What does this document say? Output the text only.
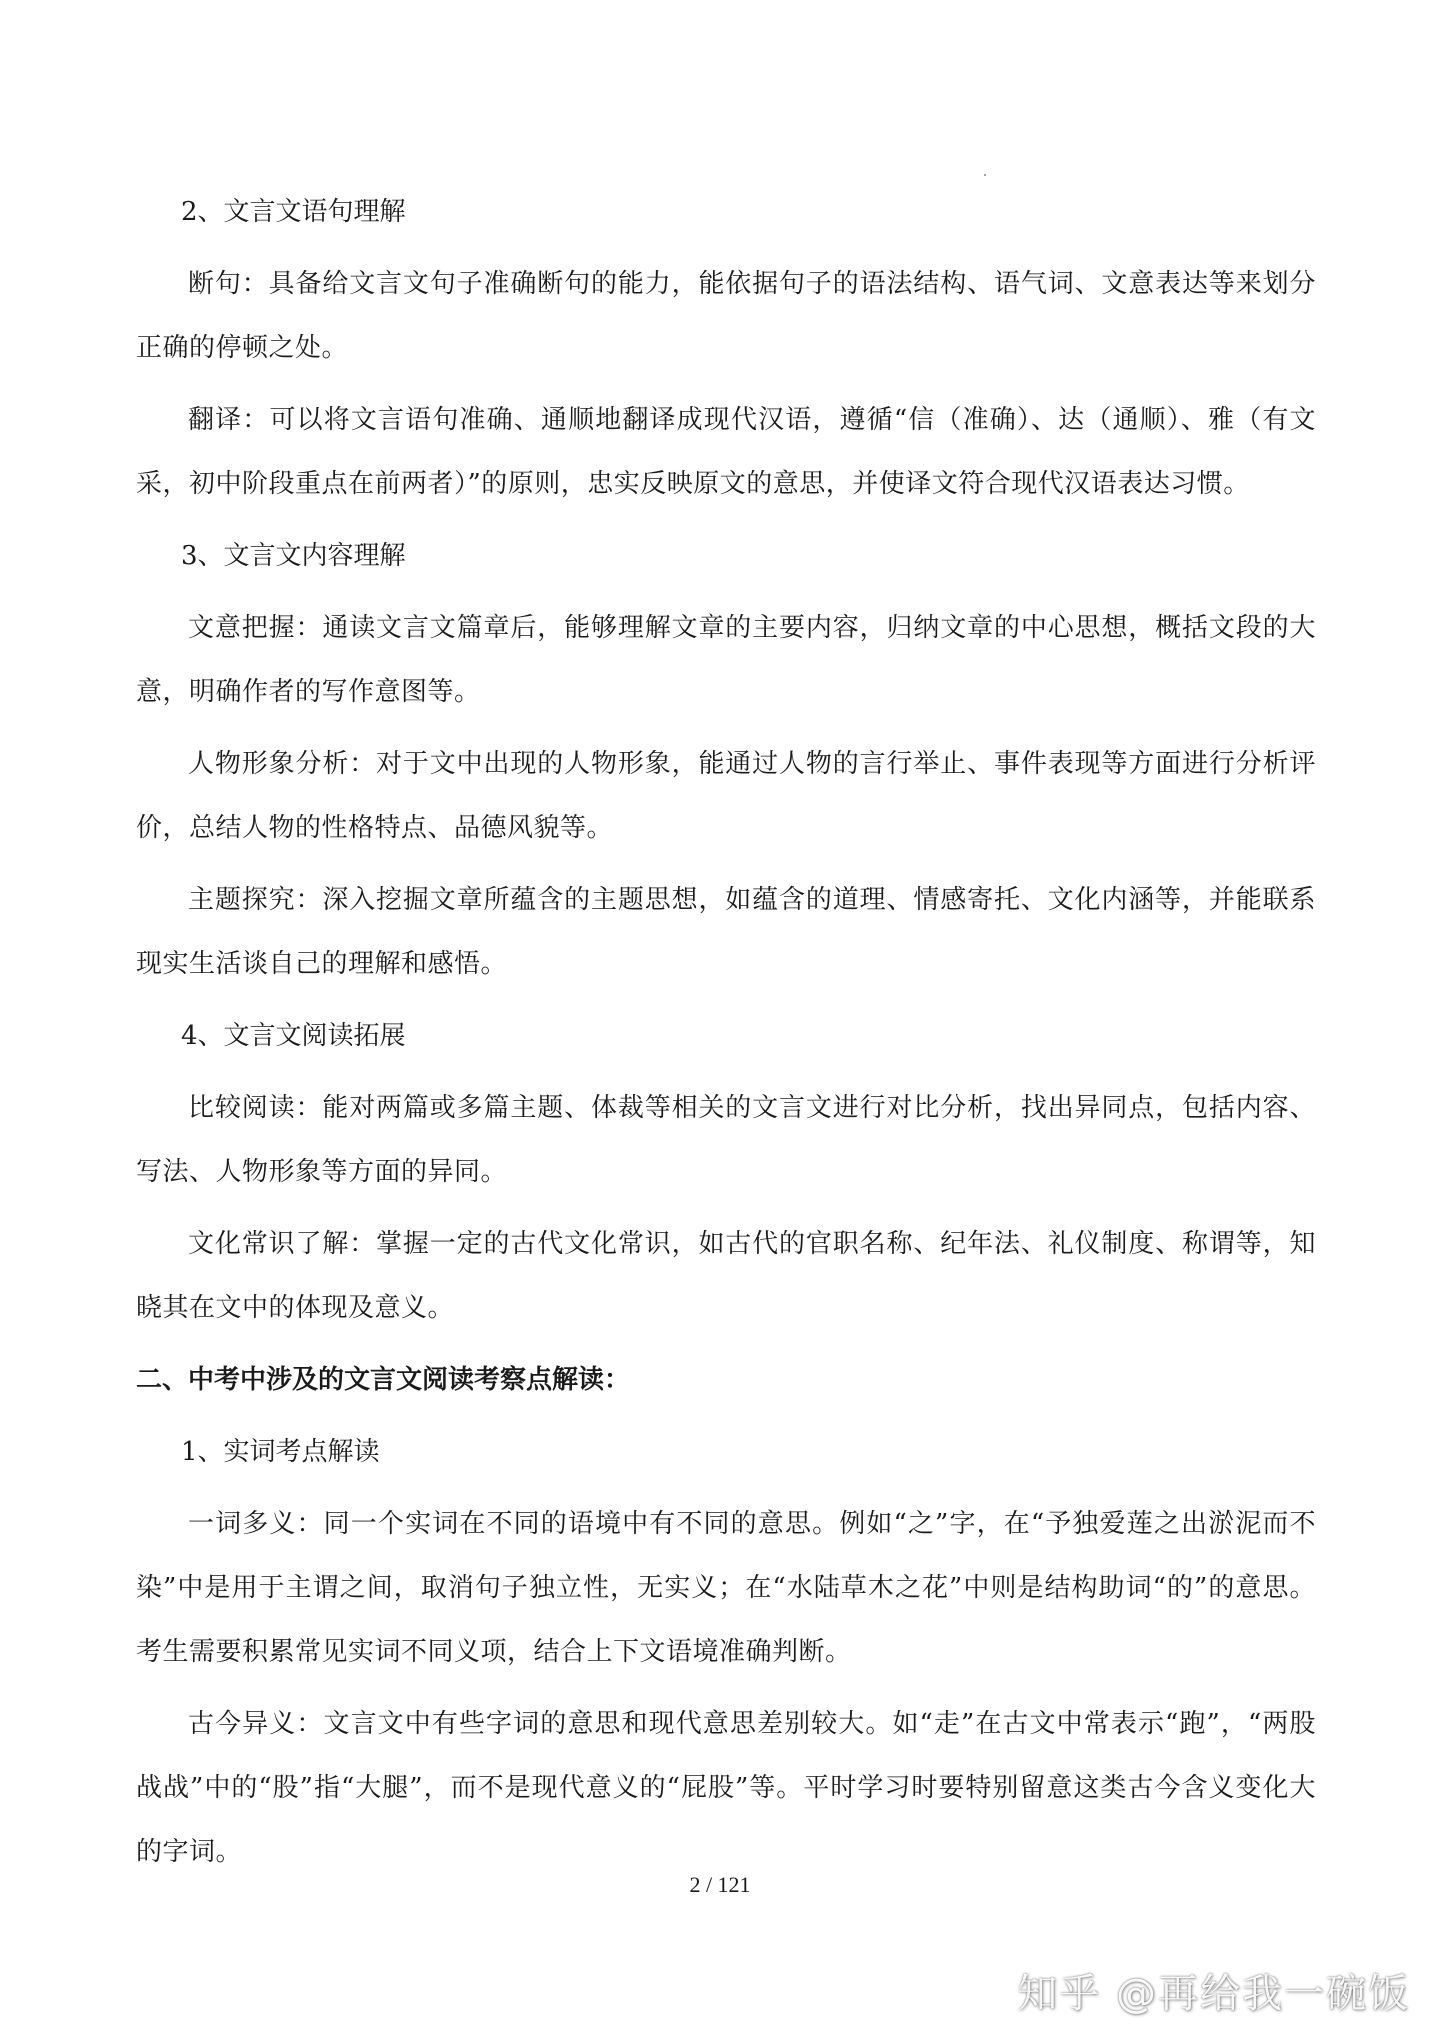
2、文言文语句理解

断句：具备给文言文句子准确断句的能力，能依据句子的语法结构、语气词、文意表达等来划分正确的停顿之处。

翻译：可以将文言语句准确、通顺地翻译成现代汉语，遵循“信（准确）、达（通顺）、雅（有文采，初中阶段重点在前两者）”的原则，忠实反映原文的意思，并使译文符合现代汉语表达习惯。

3、文言文内容理解

文意把握：通读文言文篇章后，能够理解文章的主要内容，归纳文章的中心思想，概括文段的大意，明确作者的写作意图等。

人物形象分析：对于文中出现的人物形象，能通过人物的言行举止、事件表现等方面进行分析评价，总结人物的性格特点、品德风貌等。

主题探究：深入挖掘文章所蕴含的主题思想，如蕴含的道理、情感寄托、文化内涵等，并能联系现实生活谈自己的理解和感悟。

4、文言文阅读拓展

比较阅读：能对两篇或多篇主题、体裁等相关的文言文进行对比分析，找出异同点，包括内容、写法、人物形象等方面的异同。

文化常识了解：掌握一定的古代文化常识，如古代的官职名称、纪年法、礼仪制度、称谓等，知晓其在文中的体现及意义。

二、中考中涉及的文言文阅读考察点解读：

1、实词考点解读

一词多义：同一个实词在不同的语境中有不同的意思。例如“之”字，在“予独爱莲之出淤泥而不染”中是用于主谓之间，取消句子独立性，无实义；在“水陆草木之花”中则是结构助词“的”的意思。考生需要积累常见实词不同义项，结合上下文语境准确判断。

古今异义：文言文中有些字词的意思和现代意思差别较大。如“走”在古文中常表示“跑”，“两股战战”中的“股”指“大腿”，而不是现代意义的“屁股”等。平时学习时要特别留意这类古今含义变化大的字词。

2 / 121
知乎 @再给我一碗饭
